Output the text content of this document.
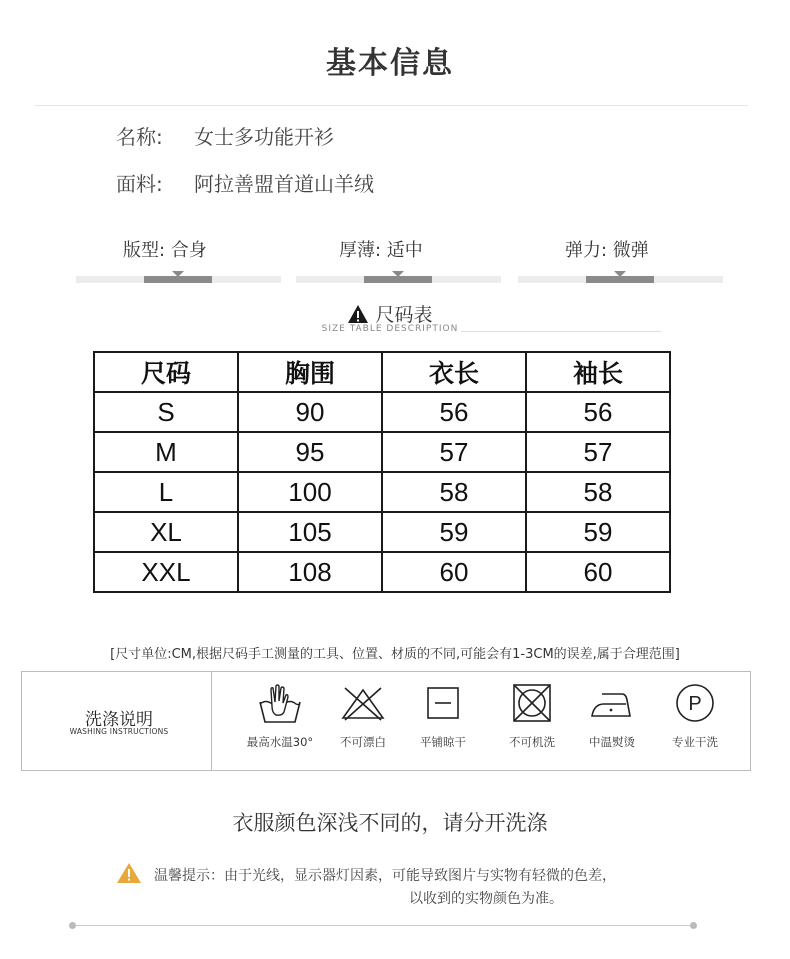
基本信息
名称: 女士多功能开衫
面料: 阿拉善盟首道山羊绒
版型: 合身	厚薄: 适中	弹力: 微弹
尺码表
SIZE TABLE DESCRIPTION
尺码	胸围	衣长	袖长
S	90	56	56
M	95	57	57
L	100	58	58
XL	105	59	59
XXL	108	60	60
[尺寸单位:CM,根据尺码手工测量的工具、位置、材质的不同,可能会有1-3CM的误差,属于合理范围]
洗涤说明
WASHING INSTRUCTIONS
最高水温30°	不可漂白	平铺晾干	不可机洗	中温熨烫
P
专业干洗
衣服颜色深浅不同的，请分开洗涤
温馨提示：由于光线，显示器灯因素，可能导致图片与实物有轻微的色差，
以收到的实物颜色为准。
